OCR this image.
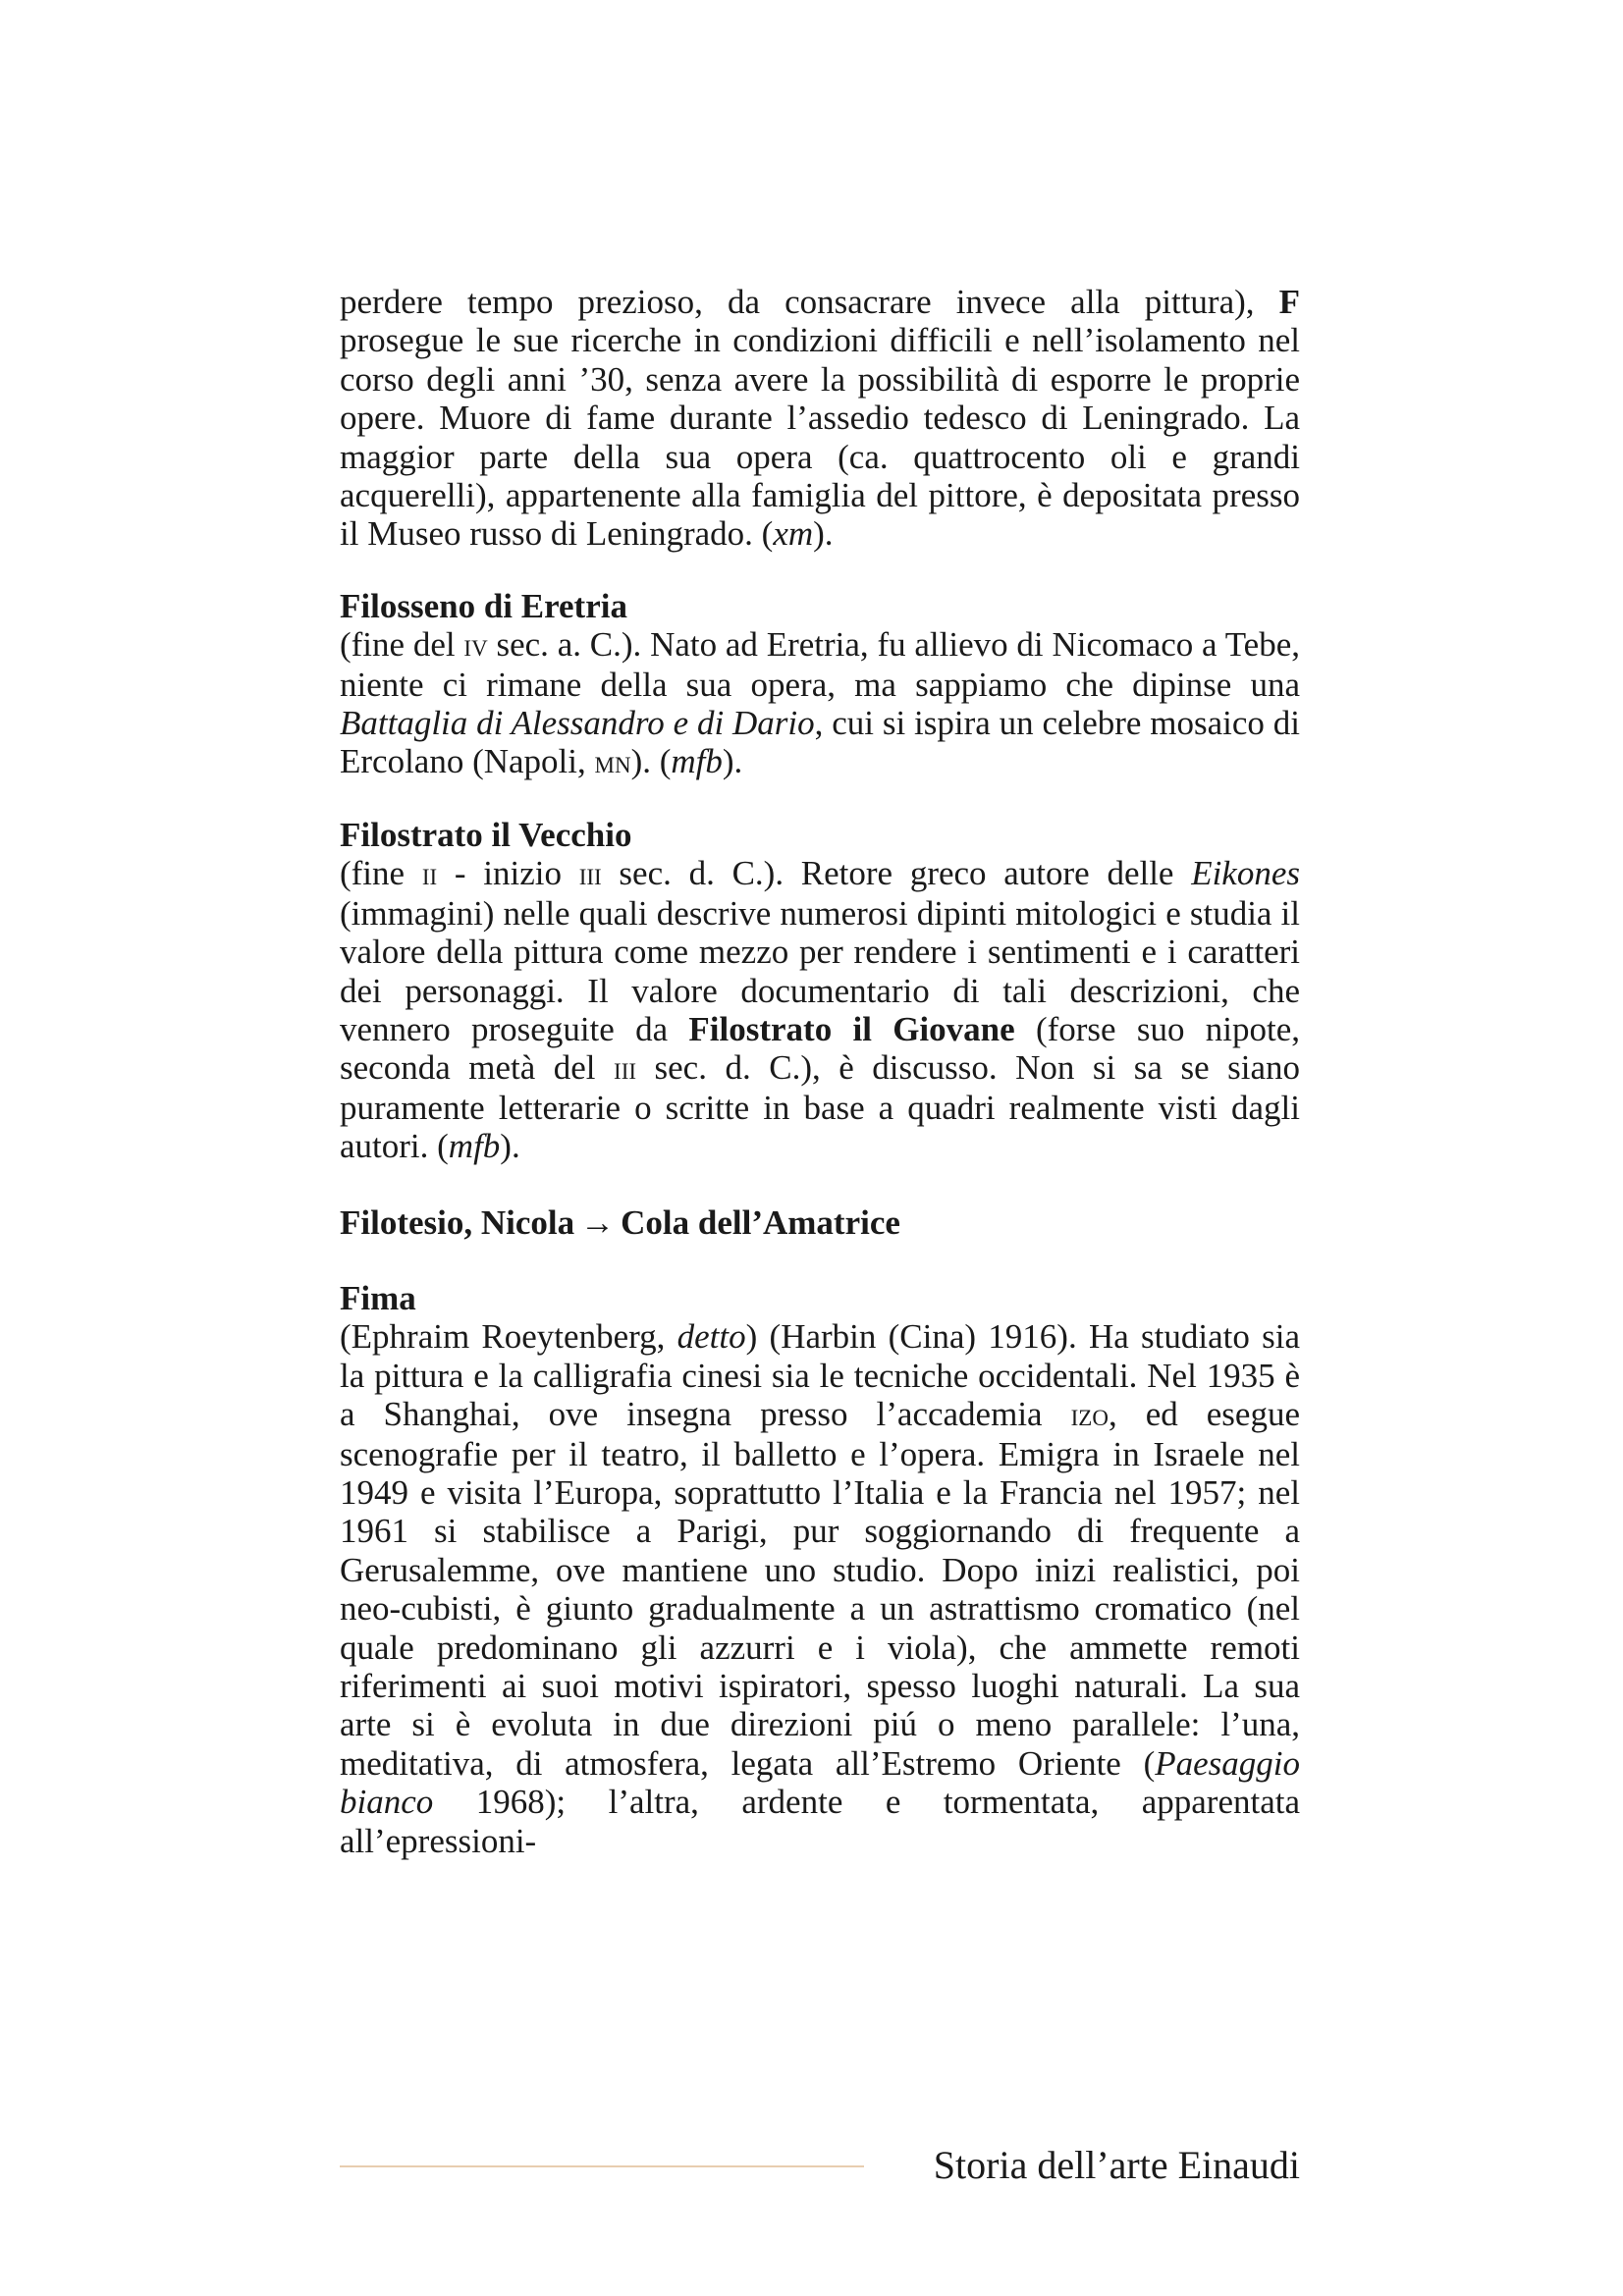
perdere tempo prezioso, da consacrare invece alla pittura), F prosegue le sue ricerche in condizioni difficili e nell’isolamento nel corso degli anni ’30, senza avere la possibilità di esporre le proprie opere. Muore di fame durante l’assedio tedesco di Leningrado. La maggior parte della sua opera (ca. quattrocento oli e grandi acquerelli), appartenente alla famiglia del pittore, è depositata presso il Museo russo di Leningrado. (xm).

Filosseno di Eretria

(fine del iv sec. a. C.). Nato ad Eretria, fu allievo di Nicomaco a Tebe, niente ci rimane della sua opera, ma sappiamo che dipinse una Battaglia di Alessandro e di Dario, cui si ispira un celebre mosaico di Ercolano (Napoli, mn). (mfb).

Filostrato il Vecchio

(fine ii - inizio iii sec. d. C.). Retore greco autore delle Eikones (immagini) nelle quali descrive numerosi dipinti mitologici e studia il valore della pittura come mezzo per rendere i sentimenti e i caratteri dei personaggi. Il valore documentario di tali descrizioni, che vennero proseguite da Filostrato il Giovane (forse suo nipote, seconda metà del iii sec. d. C.), è discusso. Non si sa se siano puramente letterarie o scritte in base a quadri realmente visti dagli autori. (mfb).

Filotesio, Nicola → Cola dell’Amatrice
Fima

(Ephraim Roeytenberg, detto) (Harbin (Cina) 1916). Ha studiato sia la pittura e la calligrafia cinesi sia le tecniche occidentali. Nel 1935 è a Shanghai, ove insegna presso l’accademia izo, ed esegue scenografie per il teatro, il balletto e l’opera. Emigra in Israele nel 1949 e visita l’Europa, soprattutto l’Italia e la Francia nel 1957; nel 1961 si stabilisce a Parigi, pur soggiornando di frequente a Gerusalemme, ove mantiene uno studio. Dopo inizi realistici, poi neo-cubisti, è giunto gradualmente a un astrattismo cromatico (nel quale predominano gli azzurri e i viola), che ammette remoti riferimenti ai suoi motivi ispiratori, spesso luoghi naturali. La sua arte si è evoluta in due direzioni piú o meno parallele: l’una, meditativa, di atmosfera, legata all’Estremo Oriente (Paesaggio bianco 1968); l’altra, ardente e tormentata, apparentata all’epressioni-

Storia dell’arte Einaudi
